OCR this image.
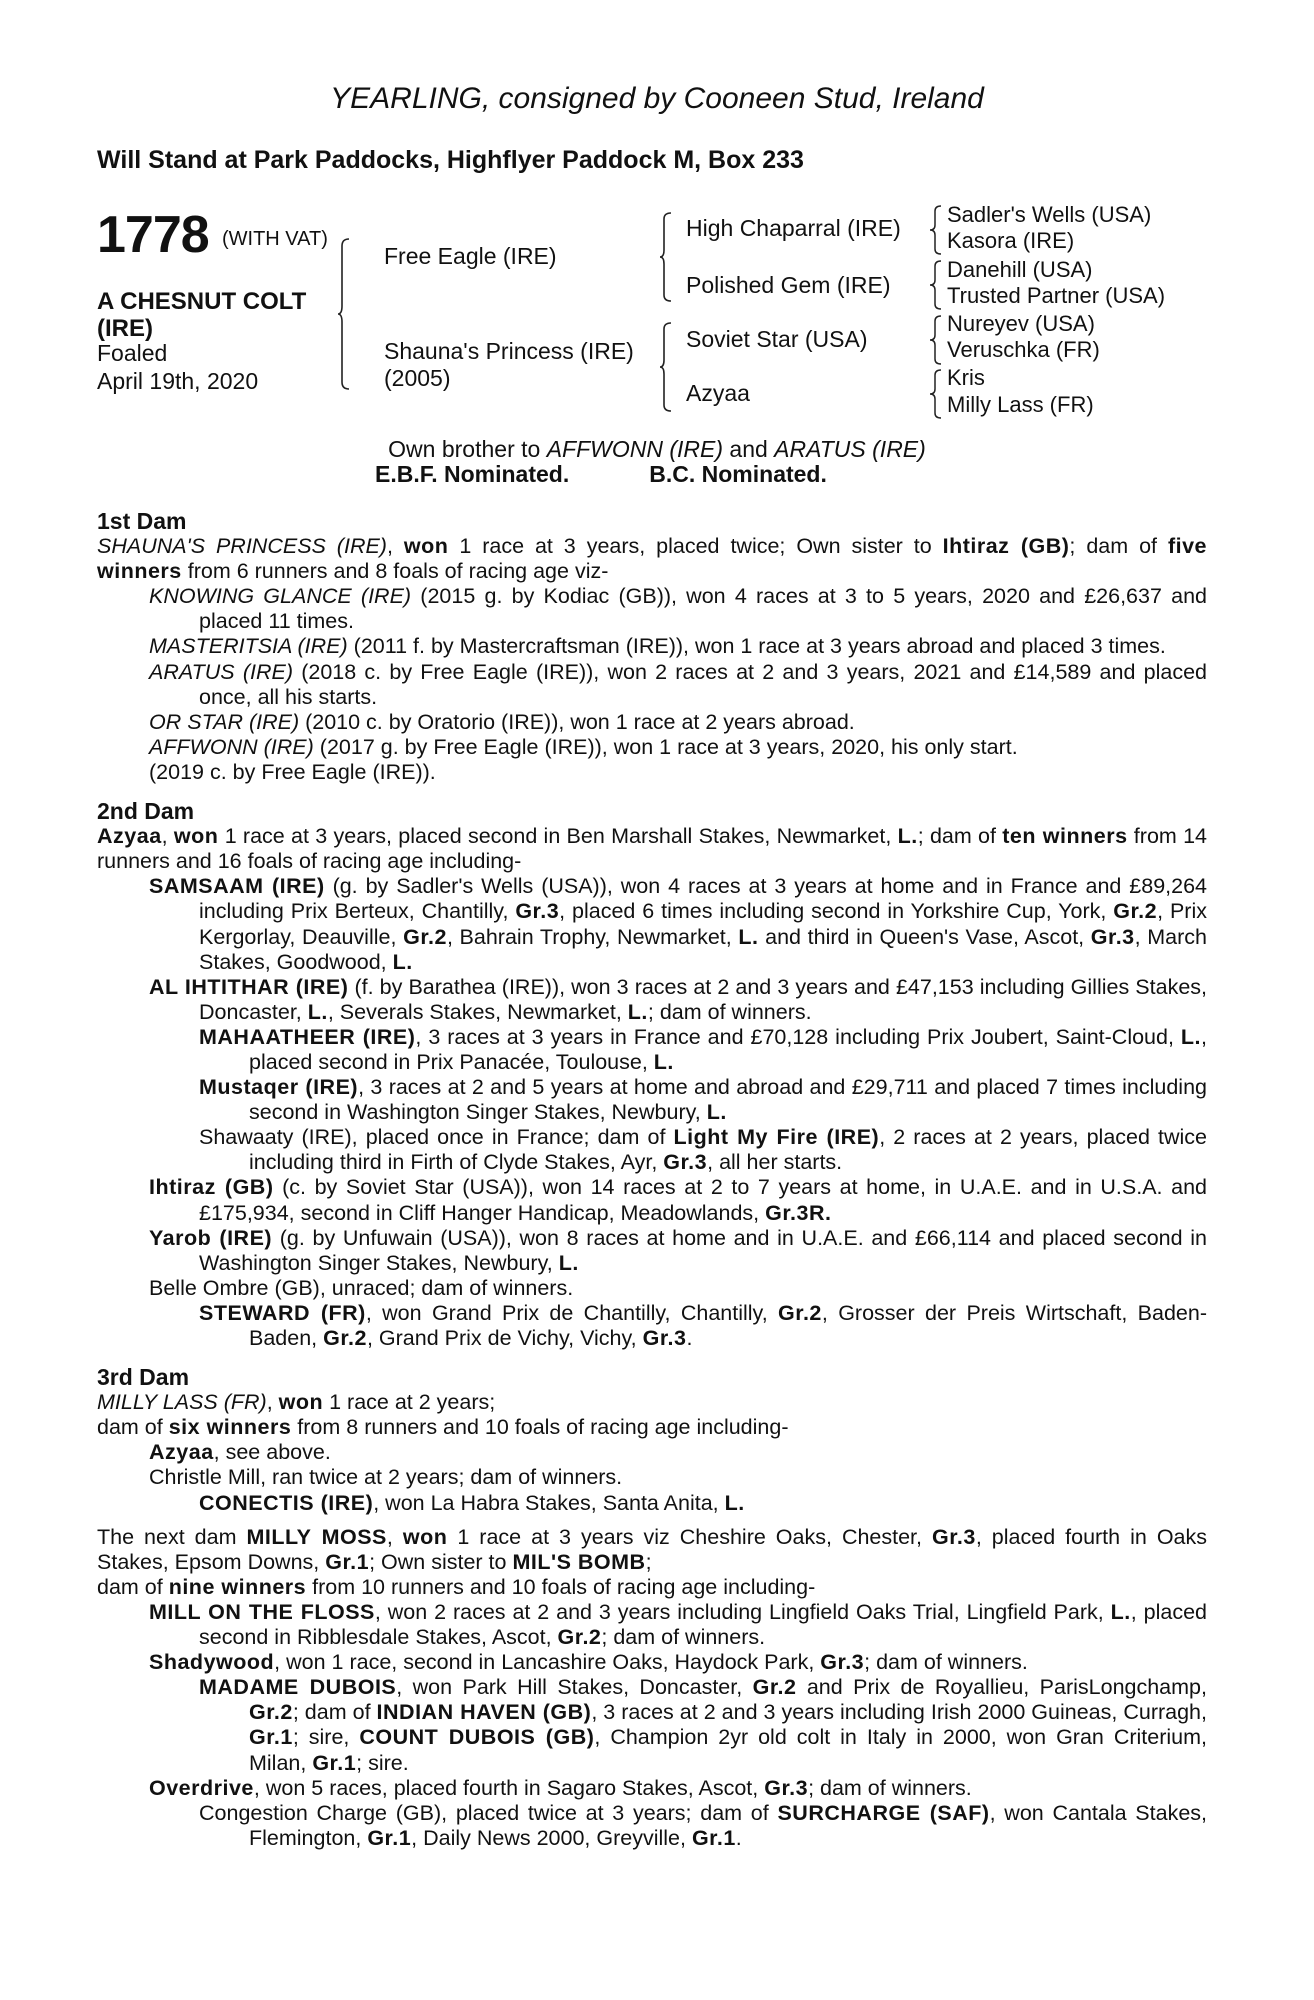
YEARLING, consigned by Cooneen Stud, Ireland
Will Stand at Park Paddocks, Highflyer Paddock M, Box 233
1778 (WITH VAT)
A CHESNUT COLT (IRE)
Foaled
April 19th, 2020
Free Eagle (IRE)
Shauna's Princess (IRE)
(2005)
High Chaparral (IRE)
Polished Gem (IRE)
Soviet Star (USA)
Azyaa
Sadler's Wells (USA)
Kasora (IRE)
Danehill (USA)
Trusted Partner (USA)
Nureyev (USA)
Veruschka (FR)
Kris
Milly Lass (FR)
Own brother to AFFWONN (IRE) and ARATUS (IRE)
E.B.F. Nominated.	B.C. Nominated.

1st Dam

SHAUNA'S PRINCESS (IRE), won 1 race at 3 years, placed twice; Own sister to Ihtiraz (GB); dam of five winners from 6 runners and 8 foals of racing age viz-

KNOWING GLANCE (IRE) (2015 g. by Kodiac (GB)), won 4 races at 3 to 5 years, 2020 and £26,637 and placed 11 times.

MASTERITSIA (IRE) (2011 f. by Mastercraftsman (IRE)), won 1 race at 3 years abroad and placed 3 times.

ARATUS (IRE) (2018 c. by Free Eagle (IRE)), won 2 races at 2 and 3 years, 2021 and £14,589 and placed once, all his starts.

OR STAR (IRE) (2010 c. by Oratorio (IRE)), won 1 race at 2 years abroad.

AFFWONN (IRE) (2017 g. by Free Eagle (IRE)), won 1 race at 3 years, 2020, his only start.

(2019 c. by Free Eagle (IRE)).

2nd Dam

Azyaa, won 1 race at 3 years, placed second in Ben Marshall Stakes, Newmarket, L.; dam of ten winners from 14 runners and 16 foals of racing age including-

SAMSAAM (IRE) (g. by Sadler's Wells (USA)), won 4 races at 3 years at home and in France and £89,264 including Prix Berteux, Chantilly, Gr.3, placed 6 times including second in Yorkshire Cup, York, Gr.2, Prix Kergorlay, Deauville, Gr.2, Bahrain Trophy, Newmarket, L. and third in Queen's Vase, Ascot, Gr.3, March Stakes, Goodwood, L.

AL IHTITHAR (IRE) (f. by Barathea (IRE)), won 3 races at 2 and 3 years and £47,153 including Gillies Stakes, Doncaster, L., Severals Stakes, Newmarket, L.; dam of winners.

MAHAATHEER (IRE), 3 races at 3 years in France and £70,128 including Prix Joubert, Saint-Cloud, L., placed second in Prix Panacée, Toulouse, L.

Mustaqer (IRE), 3 races at 2 and 5 years at home and abroad and £29,711 and placed 7 times including second in Washington Singer Stakes, Newbury, L.

Shawaaty (IRE), placed once in France; dam of Light My Fire (IRE), 2 races at 2 years, placed twice including third in Firth of Clyde Stakes, Ayr, Gr.3, all her starts.

Ihtiraz (GB) (c. by Soviet Star (USA)), won 14 races at 2 to 7 years at home, in U.A.E. and in U.S.A. and £175,934, second in Cliff Hanger Handicap, Meadowlands, Gr.3R.

Yarob (IRE) (g. by Unfuwain (USA)), won 8 races at home and in U.A.E. and £66,114 and placed second in Washington Singer Stakes, Newbury, L.

Belle Ombre (GB), unraced; dam of winners.

STEWARD (FR), won Grand Prix de Chantilly, Chantilly, Gr.2, Grosser der Preis Wirtschaft, Baden-Baden, Gr.2, Grand Prix de Vichy, Vichy, Gr.3.

3rd Dam

MILLY LASS (FR), won 1 race at 2 years;

dam of six winners from 8 runners and 10 foals of racing age including-

Azyaa, see above.

Christle Mill, ran twice at 2 years; dam of winners.

CONECTIS (IRE), won La Habra Stakes, Santa Anita, L.

The next dam MILLY MOSS, won 1 race at 3 years viz Cheshire Oaks, Chester, Gr.3, placed fourth in Oaks Stakes, Epsom Downs, Gr.1; Own sister to MIL'S BOMB;

dam of nine winners from 10 runners and 10 foals of racing age including-

MILL ON THE FLOSS, won 2 races at 2 and 3 years including Lingfield Oaks Trial, Lingfield Park, L., placed second in Ribblesdale Stakes, Ascot, Gr.2; dam of winners.

Shadywood, won 1 race, second in Lancashire Oaks, Haydock Park, Gr.3; dam of winners.

MADAME DUBOIS, won Park Hill Stakes, Doncaster, Gr.2 and Prix de Royallieu, ParisLongchamp, Gr.2; dam of INDIAN HAVEN (GB), 3 races at 2 and 3 years including Irish 2000 Guineas, Curragh, Gr.1; sire, COUNT DUBOIS (GB), Champion 2yr old colt in Italy in 2000, won Gran Criterium, Milan, Gr.1; sire.

Overdrive, won 5 races, placed fourth in Sagaro Stakes, Ascot, Gr.3; dam of winners.

Congestion Charge (GB), placed twice at 3 years; dam of SURCHARGE (SAF), won Cantala Stakes, Flemington, Gr.1, Daily News 2000, Greyville, Gr.1.
